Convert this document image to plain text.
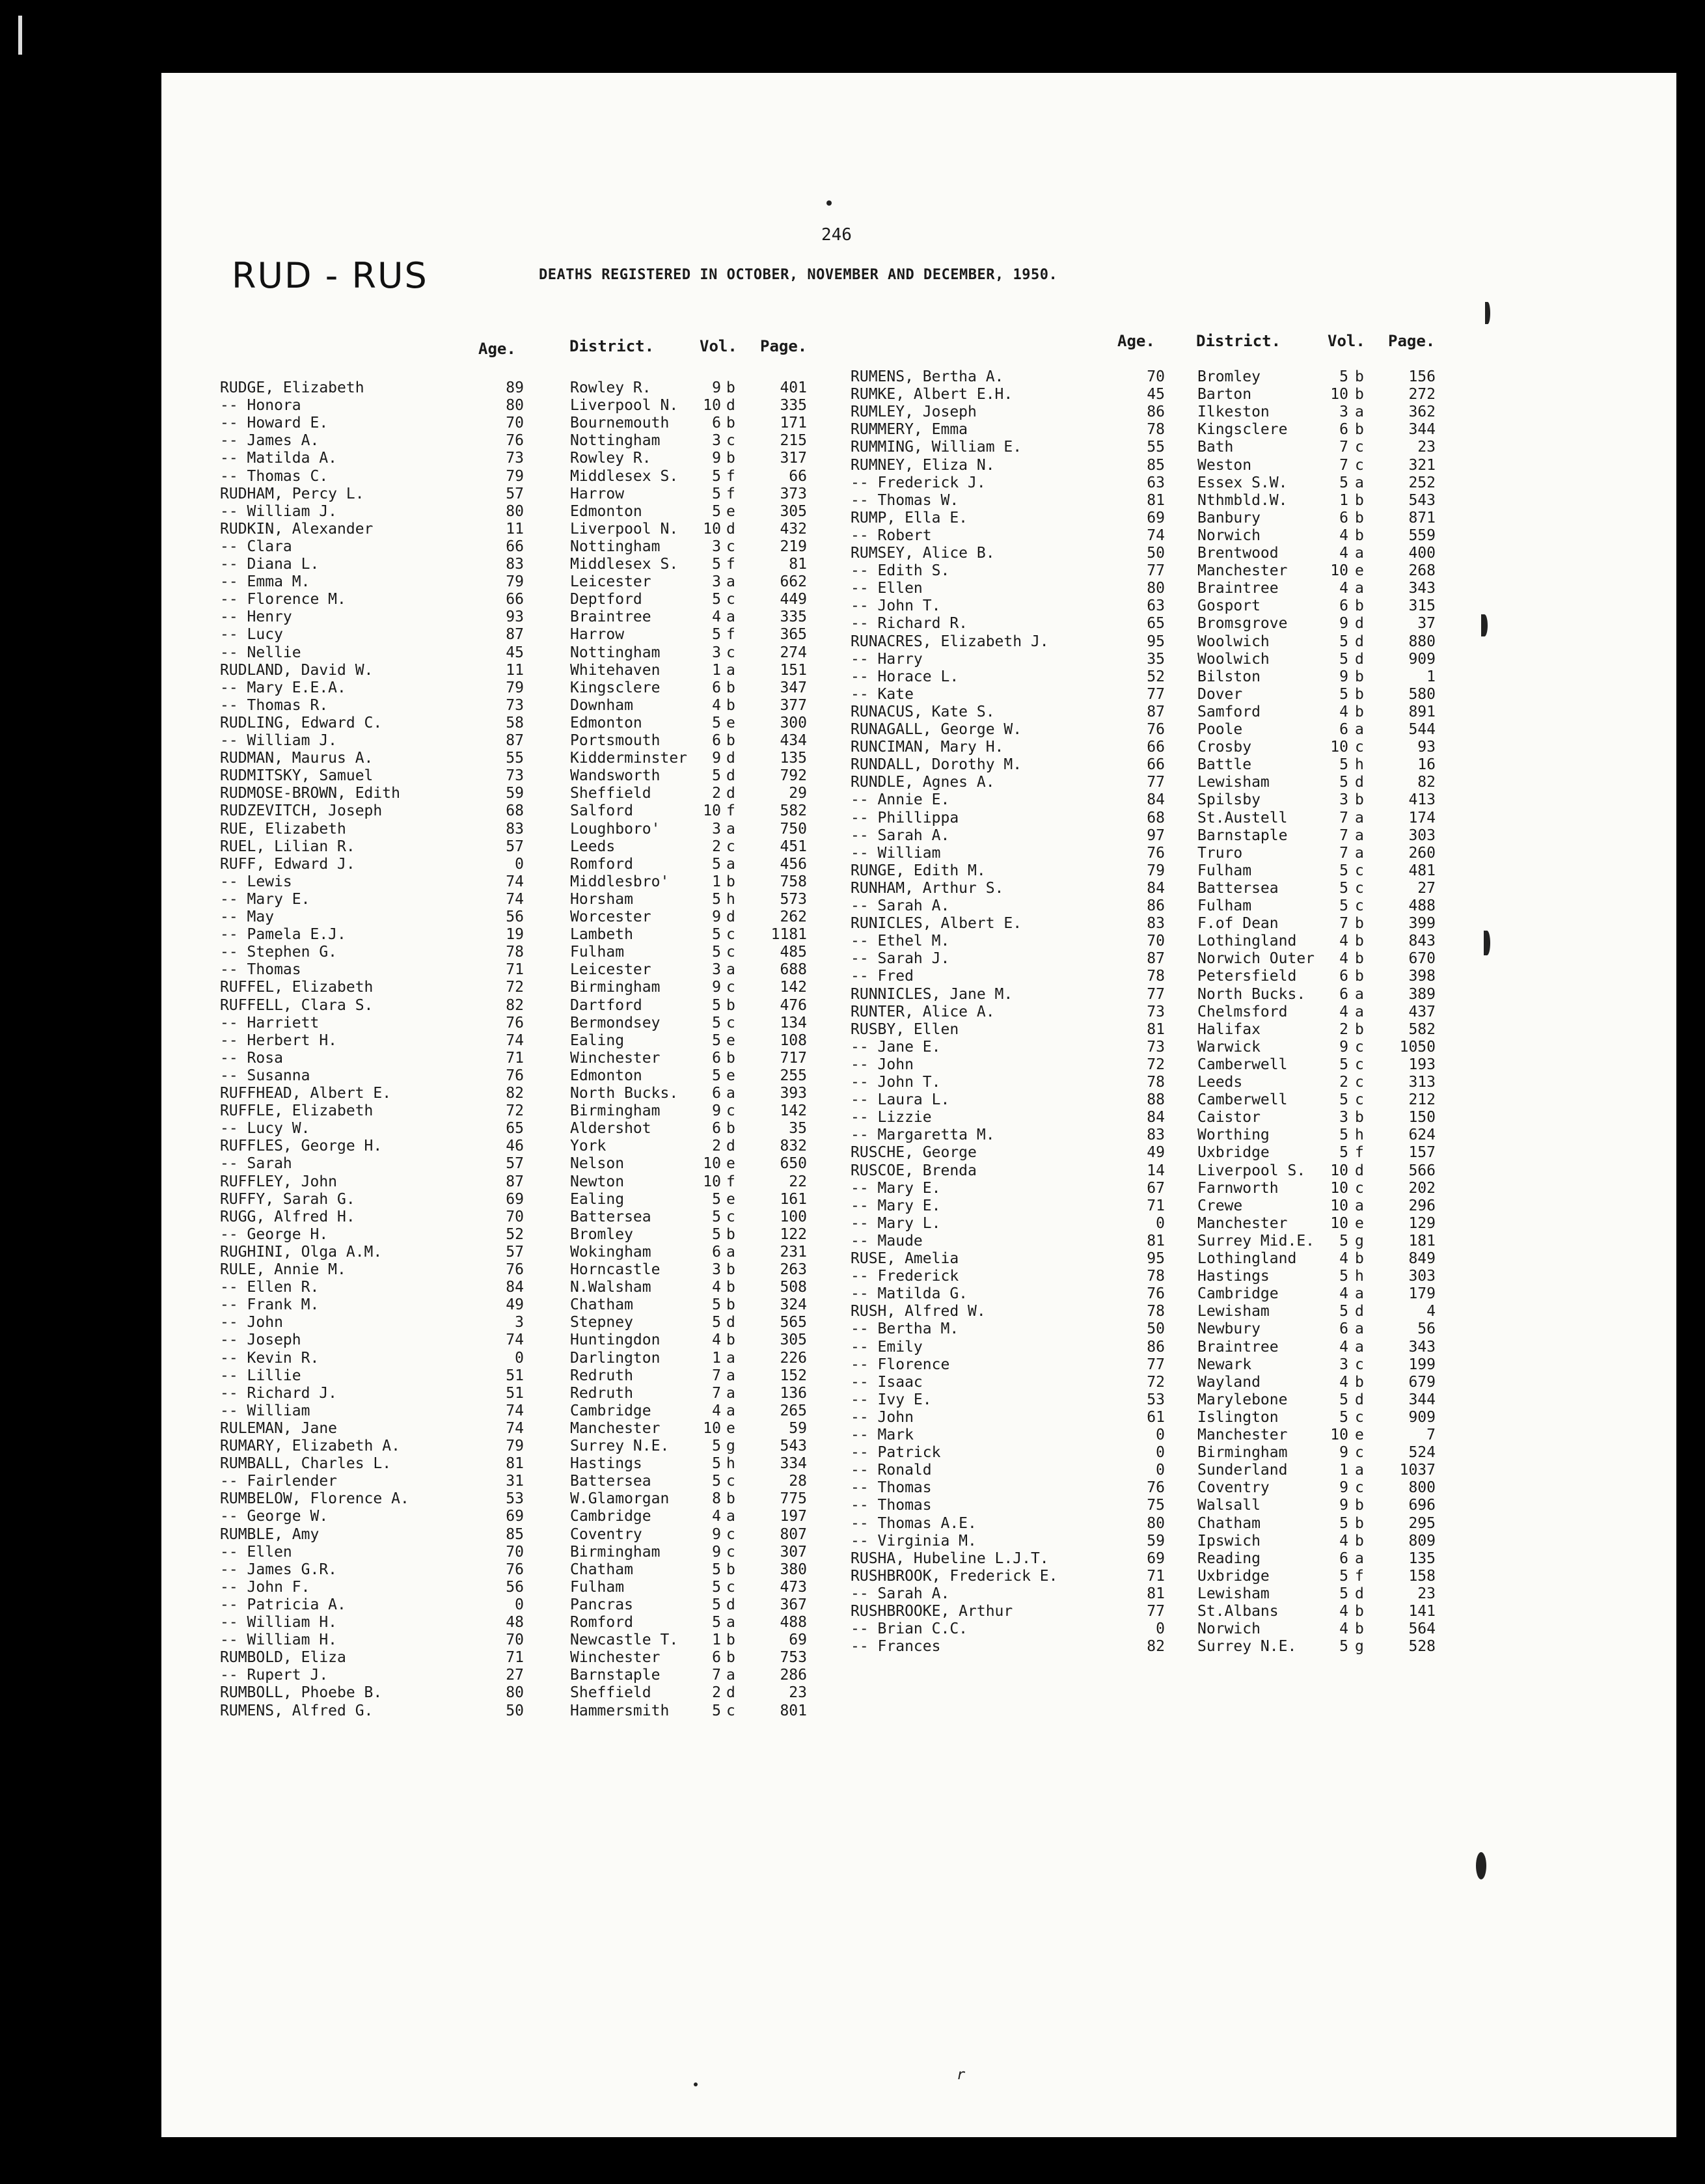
246
RUD - RUS	DEATHS REGISTERED IN OCTOBER, NOVEMBER AND DECEMBER, 1950.
Age.	District.	Vol. Page.	Age.	District.	Vol. Page.
RUDGE, Elizabeth	89	Rowley R.	9 b	401
-- Honora	80	Liverpool N.	10 d	335
-- Howard E.	70	Bournemouth	6 b	171
-- James A.	76	Nottingham	3 c	215
-- Matilda A.	73	Rowley R.	9 b	317
-- Thomas C.	79	Middlesex S.	5 f	66
RUDHAM, Percy L.	57	Harrow	5 f	373
-- William J.	80	Edmonton	5 e	305
RUDKIN, Alexander	11	Liverpool N.	10 d	432
-- Clara	66	Nottingham	3 c	219
-- Diana L.	83	Middlesex S.	5 f	81
-- Emma M.	79	Leicester	3 a	662
-- Florence M.	66	Deptford	5 c	449
-- Henry	93	Braintree	4 a	335
-- Lucy	87	Harrow	5 f	365
-- Nellie	45	Nottingham	3 c	274
RUDLAND, David W.	11	Whitehaven	1 a	151
-- Mary E.E.A.	79	Kingsclere	6 b	347
-- Thomas R.	73	Downham	4 b	377
RUDLING, Edward C.	58	Edmonton	5 e	300
-- William J.	87	Portsmouth	6 b	434
RUDMAN, Maurus A.	55	Kidderminster	9 d	135
RUDMITSKY, Samuel	73	Wandsworth	5 d	792
RUDMOSE-BROWN, Edith	59	Sheffield	2 d	29
RUDZEVITCH, Joseph	68	Salford	10 f	582
RUE, Elizabeth	83	Loughboro'	3 a	750
RUEL, Lilian R.	57	Leeds	2 c	451
RUFF, Edward J.	0	Romford	5 a	456
-- Lewis	74	Middlesbro'	1 b	758
-- Mary E.	74	Horsham	5 h	573
-- May	56	Worcester	9 d	262
-- Pamela E.J.	19	Lambeth	5 c	1181
-- Stephen G.	78	Fulham	5 c	485
-- Thomas	71	Leicester	3 a	688
RUFFEL, Elizabeth	72	Birmingham	9 c	142
RUFFELL, Clara S.	82	Dartford	5 b	476
-- Harriett	76	Bermondsey	5 c	134
-- Herbert H.	74	Ealing	5 e	108
-- Rosa	71	Winchester	6 b	717
-- Susanna	76	Edmonton	5 e	255
RUFFHEAD, Albert E.	82	North Bucks.	6 a	393
RUFFLE, Elizabeth	72	Birmingham	9 c	142
-- Lucy W.	65	Aldershot	6 b	35
RUFFLES, George H.	46	York	2 d	832
-- Sarah	57	Nelson	10 e	650
RUFFLEY, John	87	Newton	10 f	22
RUFFY, Sarah G.	69	Ealing	5 e	161
RUGG, Alfred H.	70	Battersea	5 c	100
-- George H.	52	Bromley	5 b	122
RUGHINI, Olga A.M.	57	Wokingham	6 a	231
RULE, Annie M.	76	Horncastle	3 b	263
-- Ellen R.	84	N.Walsham	4 b	508
-- Frank M.	49	Chatham	5 b	324
-- John	3	Stepney	5 d	565
-- Joseph	74	Huntingdon	4 b	305
-- Kevin R.	0	Darlington	1 a	226
-- Lillie	51	Redruth	7 a	152
-- Richard J.	51	Redruth	7 a	136
-- William	74	Cambridge	4 a	265
RULEMAN, Jane	74	Manchester	10 e	59
RUMARY, Elizabeth A.	79	Surrey N.E.	5 g	543
RUMBALL, Charles L.	81	Hastings	5 h	334
-- Fairlender	31	Battersea	5 c	28
RUMBELOW, Florence A.	53	W.Glamorgan	8 b	775
-- George W.	69	Cambridge	4 a	197
RUMBLE, Amy	85	Coventry	9 c	807
-- Ellen	70	Birmingham	9 c	307
-- James G.R.	76	Chatham	5 b	380
-- John F.	56	Fulham	5 c	473
-- Patricia A.	0	Pancras	5 d	367
-- William H.	48	Romford	5 a	488
-- William H.	70	Newcastle T.	1 b	69
RUMBOLD, Eliza	71	Winchester	6 b	753
-- Rupert J.	27	Barnstaple	7 a	286
RUMBOLL, Phoebe B.	80	Sheffield	2 d	23
RUMENS, Alfred G.	50	Hammersmith	5 c	801
RUMENS, Bertha A.	70 Bromley	5 b	156
RUMKE, Albert E.H.	45 Barton	10 b	272
RUMLEY, Joseph	86 Ilkeston	3 a	362
RUMMERY, Emma	78 Kingsclere	6 b	344
RUMMING, William E.	55 Bath	7 c	23
RUMNEY, Eliza N.	85 Weston	7 c	321
-- Frederick J.	63 Essex S.W.	5 a	252
-- Thomas W.	81 Nthmbld.W.	1 b	543
RUMP, Ella E.	69 Banbury	6 b	871
-- Robert	74 Norwich	4 b	559
RUMSEY, Alice B.	50 Brentwood	4 a	400
-- Edith S.	77 Manchester	10 e	268
-- Ellen	80 Braintree	4 a	343
-- John T.	63 Gosport	6 b	315
-- Richard R.	65 Bromsgrove	9 d	37
RUNACRES, Elizabeth J.	95 Woolwich	5 d	880
-- Harry	35 Woolwich	5 d	909
-- Horace L.	52 Bilston	9 b	1
-- Kate	77 Dover	5 b	580
RUNACUS, Kate S.	87 Samford	4 b	891
RUNAGALL, George W.	76 Poole	6 a	544
RUNCIMAN, Mary H.	66 Crosby	10 c	93
RUNDALL, Dorothy M.	66 Battle	5 h	16
RUNDLE, Agnes A.	77 Lewisham	5 d	82
-- Annie E.	84 Spilsby	3 b	413
-- Phillippa	68 St.Austell	7 a	174
-- Sarah A.	97 Barnstaple	7 a	303
-- William	76 Truro	7 a	260
RUNGE, Edith M.	79 Fulham	5 c	481
RUNHAM, Arthur S.	84 Battersea	5 c	27
-- Sarah A.	86 Fulham	5 c	488
RUNICLES, Albert E.	83 F.of Dean	7 b	399
-- Ethel M.	70 Lothingland	4 b	843
-- Sarah J.	87 Norwich Outer	4 b	670
-- Fred	78 Petersfield	6 b	398
RUNNICLES, Jane M.	77 North Bucks.	6 a	389
RUNTER, Alice A.	73 Chelmsford	4 a	437
RUSBY, Ellen	81 Halifax	2 b	582
-- Jane E.	73 Warwick	9 c	1050
-- John	72 Camberwell	5 c	193
-- John T.	78 Leeds	2 c	313
-- Laura L.	88 Camberwell	5 c	212
-- Lizzie	84 Caistor	3 b	150
-- Margaretta M.	83 Worthing	5 h	624
RUSCHE, George	49 Uxbridge	5 f	157
RUSCOE, Brenda	14 Liverpool S.	10 d	566
-- Mary E.	67 Farnworth	10 c	202
-- Mary E.	71 Crewe	10 a	296
-- Mary L.	0 Manchester	10 e	129
-- Maude	81 Surrey Mid.E.	5 g	181
RUSE, Amelia	95 Lothingland	4 b	849
-- Frederick	78 Hastings	5 h	303
-- Matilda G.	76 Cambridge	4 a	179
RUSH, Alfred W.	78 Lewisham	5 d	4
-- Bertha M.	50 Newbury	6 a	56
-- Emily	86 Braintree	4 a	343
-- Florence	77 Newark	3 c	199
-- Isaac	72 Wayland	4 b	679
-- Ivy E.	53 Marylebone	5 d	344
-- John	61 Islington	5 c	909
-- Mark	0 Manchester	10 e	7
-- Patrick	0 Birmingham	9 c	524
-- Ronald	0 Sunderland	1 a	1037
-- Thomas	76 Coventry	9 c	800
-- Thomas	75 Walsall	9 b	696
-- Thomas A.E.	80 Chatham	5 b	295
-- Virginia M.	59 Ipswich	4 b	809
RUSHA, Hubeline L.J.T.	69 Reading	6 a	135
RUSHBROOK, Frederick E.	71 Uxbridge	5 f	158
-- Sarah A.	81 Lewisham	5 d	23
RUSHBROOKE, Arthur	77 St.Albans	4 b	141
-- Brian C.C.	0 Norwich	4 b	564
-- Frances	82 Surrey N.E.	5 g	528
r
